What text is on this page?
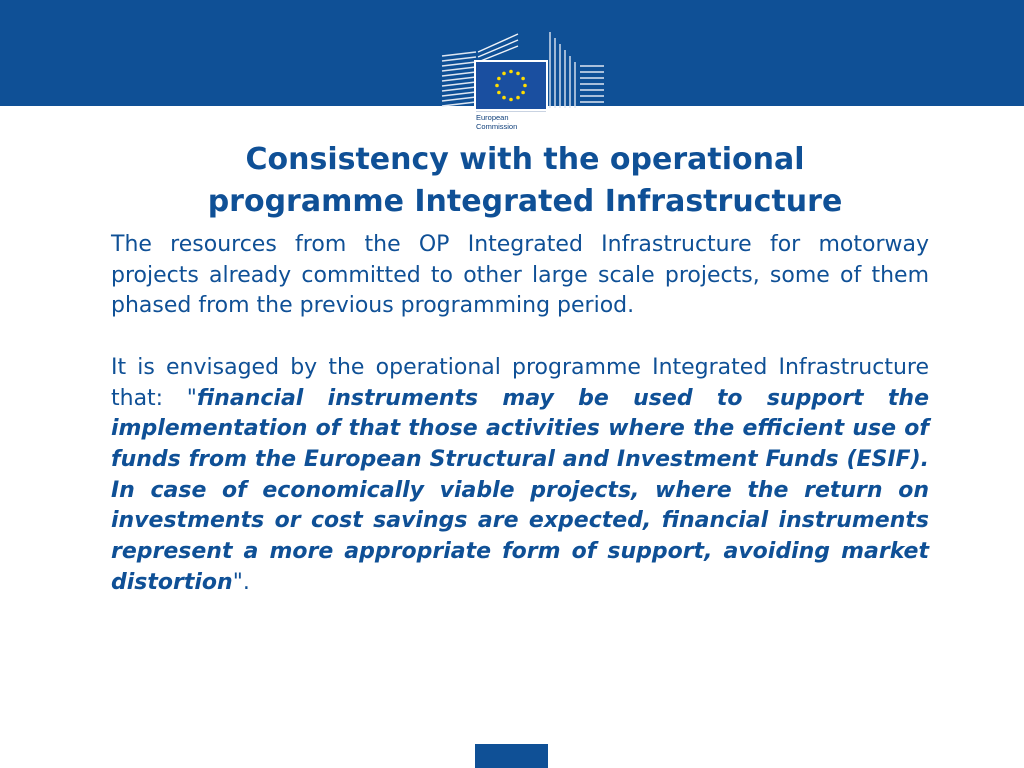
European
Commission
Consistency with the operational
programme Integrated Infrastructure

The resources from the OP Integrated Infrastructure for motorway projects already committed to other large scale projects, some of them phased from the previous programming period.

It is envisaged by the operational programme Integrated Infrastructure that: "financial instruments may be used to support the implementation of that those activities where the efficient use of funds from the European Structural and Investment Funds (ESIF). In case of economically viable projects, where the return on investments or cost savings are expected, financial instruments represent a more appropriate form of support, avoiding market distortion".
